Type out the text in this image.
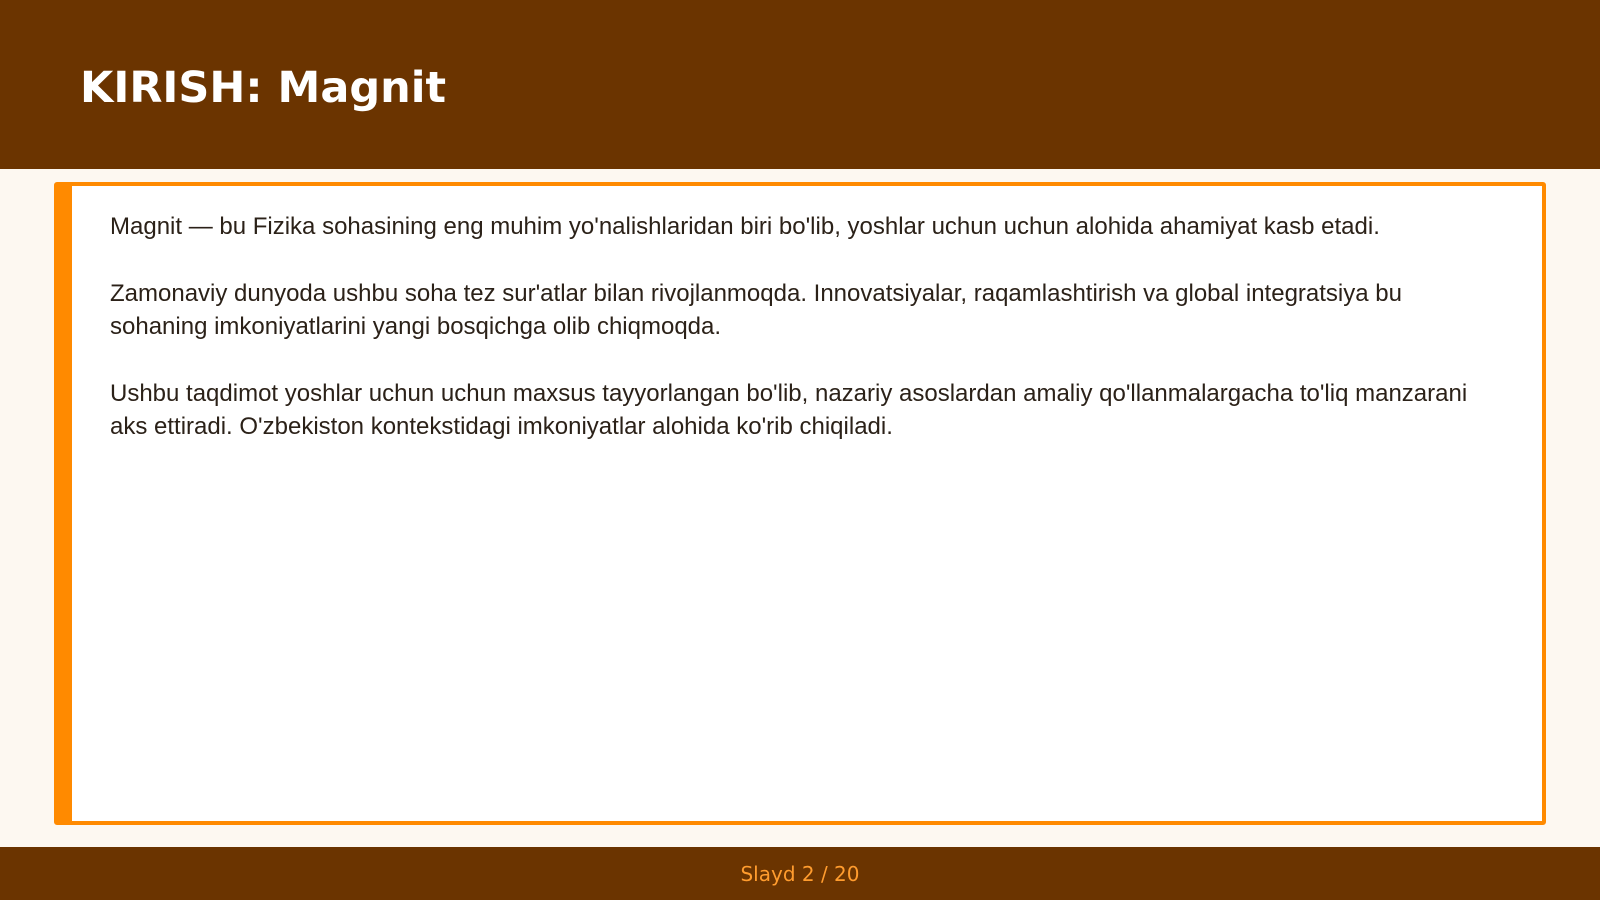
KIRISH: Magnit

Magnit — bu Fizika sohasining eng muhim yo'nalishlaridan biri bo'lib, yoshlar uchun uchun alohida ahamiyat kasb etadi.

Zamonaviy dunyoda ushbu soha tez sur'atlar bilan rivojlanmoqda. Innovatsiyalar, raqamlashtirish va global integratsiya bu sohaning imkoniyatlarini yangi bosqichga olib chiqmoqda.

Ushbu taqdimot yoshlar uchun uchun maxsus tayyorlangan bo'lib, nazariy asoslardan amaliy qo'llanmalargacha to'liq manzarani aks ettiradi. O'zbekiston kontekstidagi imkoniyatlar alohida ko'rib chiqiladi.

Slayd 2 / 20
